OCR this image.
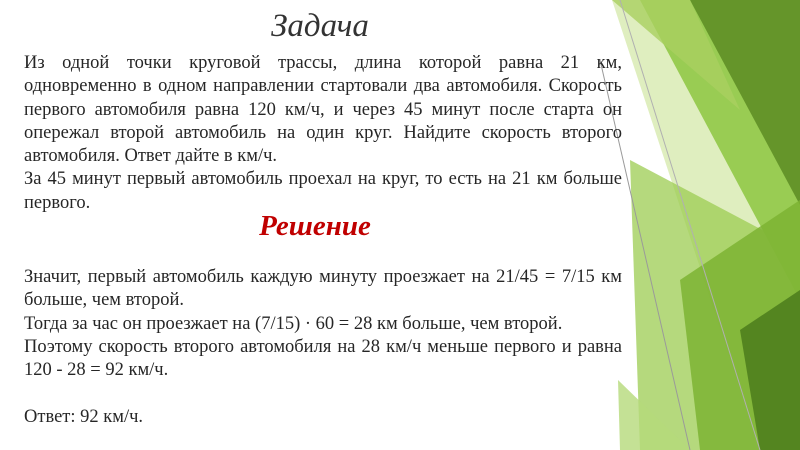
Задача

Из одной точки круговой трассы, длина которой равна 21 км, одновременно в одном направлении стартовали два автомобиля. Скорость первого автомобиля равна 120 км/ч, и через 45 минут после старта он опережал второй автомобиль на один круг. Найдите скорость второго автомобиля. Ответ дайте в км/ч.

За 45 минут первый автомобиль проехал на круг, то есть на 21 км больше первого.

Решение

Значит, первый автомобиль каждую минуту проезжает на 21/45 = 7/15 км больше, чем второй.

Тогда за час он проезжает на (7/15) · 60 = 28 км больше, чем второй.

Поэтому скорость второго автомобиля на 28 км/ч меньше первого и равна 120 - 28 = 92 км/ч.

Ответ: 92 км/ч.
